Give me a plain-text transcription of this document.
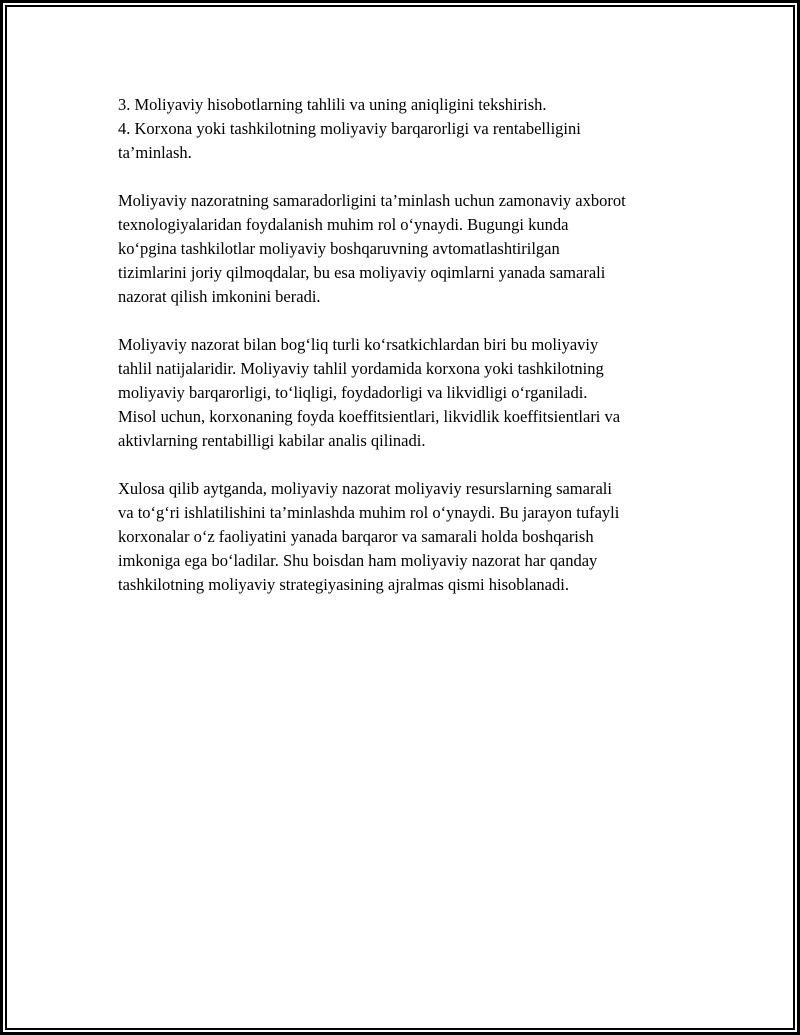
3. Moliyaviy hisobotlarning tahlili va uning aniqligini tekshirish.
4. Korxona yoki tashkilotning moliyaviy barqarorligi va rentabelligini
ta’minlash.
Moliyaviy nazoratning samaradorligini ta’minlash uchun zamonaviy axborot
texnologiyalaridan foydalanish muhim rol o‘ynaydi. Bugungi kunda
ko‘pgina tashkilotlar moliyaviy boshqaruvning avtomatlashtirilgan
tizimlarini joriy qilmoqdalar, bu esa moliyaviy oqimlarni yanada samarali
nazorat qilish imkonini beradi.
Moliyaviy nazorat bilan bog‘liq turli ko‘rsatkichlardan biri bu moliyaviy
tahlil natijalaridir. Moliyaviy tahlil yordamida korxona yoki tashkilotning
moliyaviy barqarorligi, to‘liqligi, foydadorligi va likvidligi o‘rganiladi.
Misol uchun, korxonaning foyda koeffitsientlari, likvidlik koeffitsientlari va
aktivlarning rentabilligi kabilar analis qilinadi.
Xulosa qilib aytganda, moliyaviy nazorat moliyaviy resurslarning samarali
va to‘g‘ri ishlatilishini ta’minlashda muhim rol o‘ynaydi. Bu jarayon tufayli
korxonalar o‘z faoliyatini yanada barqaror va samarali holda boshqarish
imkoniga ega bo‘ladilar. Shu boisdan ham moliyaviy nazorat har qanday
tashkilotning moliyaviy strategiyasining ajralmas qismi hisoblanadi.
